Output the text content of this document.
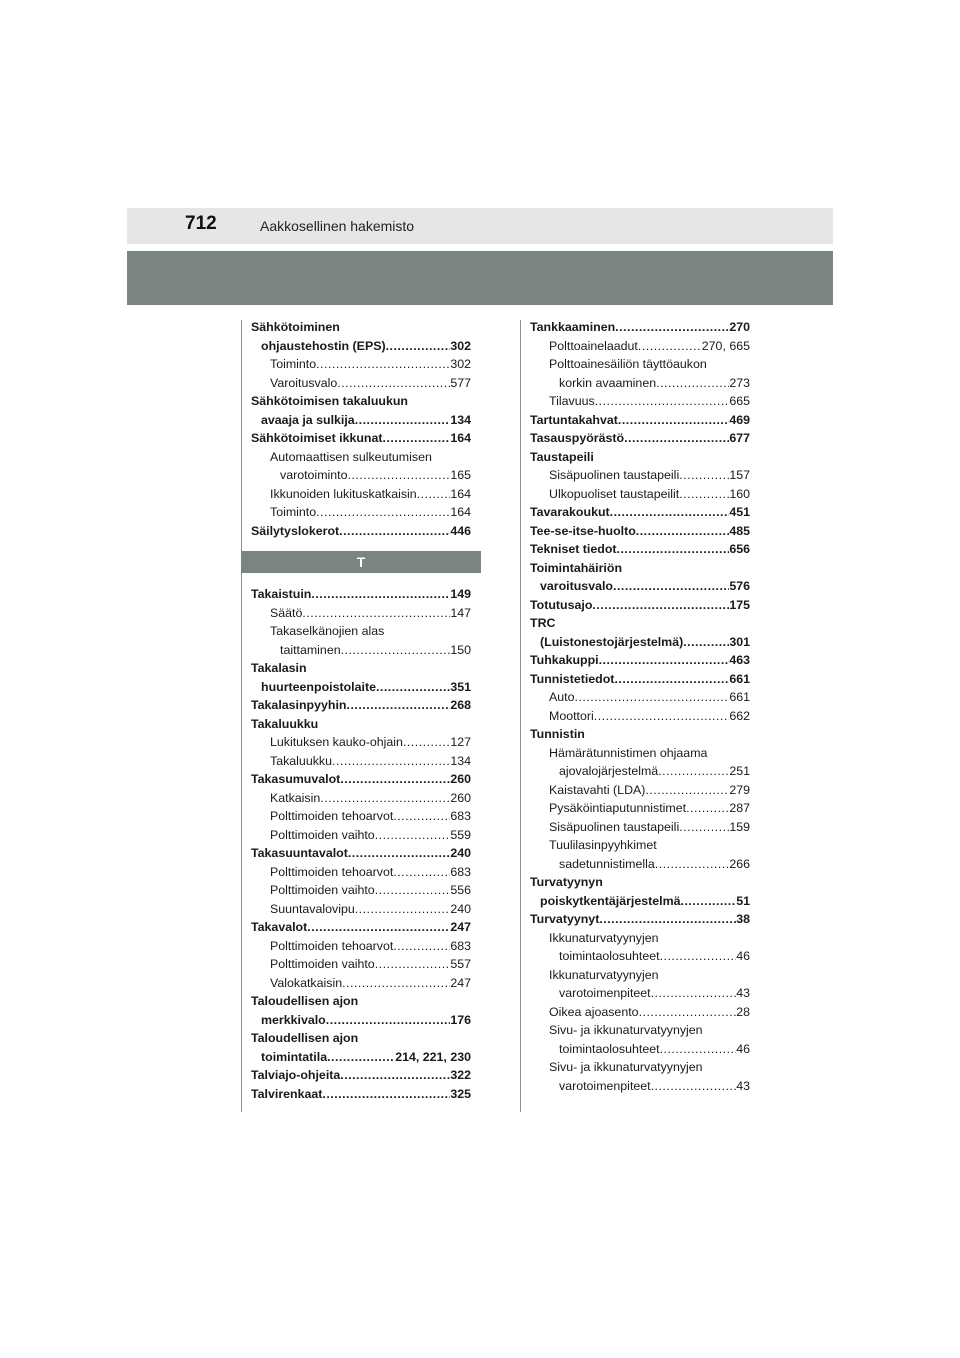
712	Aakkosellinen hakemisto
Sähkötoiminen
ohjaustehostin (EPS) .....	302
Toiminto .....	302
Varoitusvalo .....	577
Sähkötoimisen takaluukun
avaaja ja sulkija .....	134
Sähkötoimiset ikkunat .....	164
Automaattisen sulkeutumisen
varotoiminto .....	165
Ikkunoiden lukituskatkaisin .....	164
Toiminto .....	164
Säilytyslokerot .....	446
T
Takaistuin .....	149
Säätö .....	147
Takaselkänojien alas
taittaminen .....	150
Takalasin
huurteenpoistolaite .....	351
Takalasinpyyhin .....	268
Takaluukku
Lukituksen kauko-ohjain .....	127
Takaluukku .....	134
Takasumuvalot .....	260
Katkaisin .....	260
Polttimoiden tehoarvot .....	683
Polttimoiden vaihto .....	559
Takasuuntavalot .....	240
Polttimoiden tehoarvot .....	683
Polttimoiden vaihto .....	556
Suuntavalovipu .....	240
Takavalot .....	247
Polttimoiden tehoarvot .....	683
Polttimoiden vaihto .....	557
Valokatkaisin .....	247
Taloudellisen ajon
merkkivalo .....	176
Taloudellisen ajon
toimintatila .....	214, 221, 230
Talviajo-ohjeita .....	322
Talvirenkaat .....	325
Tankkaaminen .....	270
Polttoainelaadut .....	270, 665
Polttoainesäiliön täyttöaukon
korkin avaaminen .....	273
Tilavuus .....	665
Tartuntakahvat .....	469
Tasauspyörästö .....	677
Taustapeili
Sisäpuolinen taustapeili .....	157
Ulkopuoliset taustapeilit .....	160
Tavarakoukut .....	451
Tee-se-itse-huolto .....	485
Tekniset tiedot .....	656
Toimintahäiriön
varoitusvalo .....	576
Totutusajo .....	175
TRC
(Luistonestojärjestelmä) .....	301
Tuhkakuppi .....	463
Tunnistetiedot .....	661
Auto .....	661
Moottori .....	662
Tunnistin
Hämärätunnistimen ohjaama
ajovalojärjestelmä .....	251
Kaistavahti (LDA) .....	279
Pysäköintiaputunnistimet .....	287
Sisäpuolinen taustapeili .....	159
Tuulilasinpyyhkimet
sadetunnistimella .....	266
Turvatyynyn
poiskytkentäjärjestelmä .....	51
Turvatyynyt .....	38
Ikkunaturvatyynyjen
toimintaolosuhteet .....	46
Ikkunaturvatyynyjen
varotoimenpiteet .....	43
Oikea ajoasento .....	28
Sivu- ja ikkunaturvatyynyjen
toimintaolosuhteet .....	46
Sivu- ja ikkunaturvatyynyjen
varotoimenpiteet .....	43
